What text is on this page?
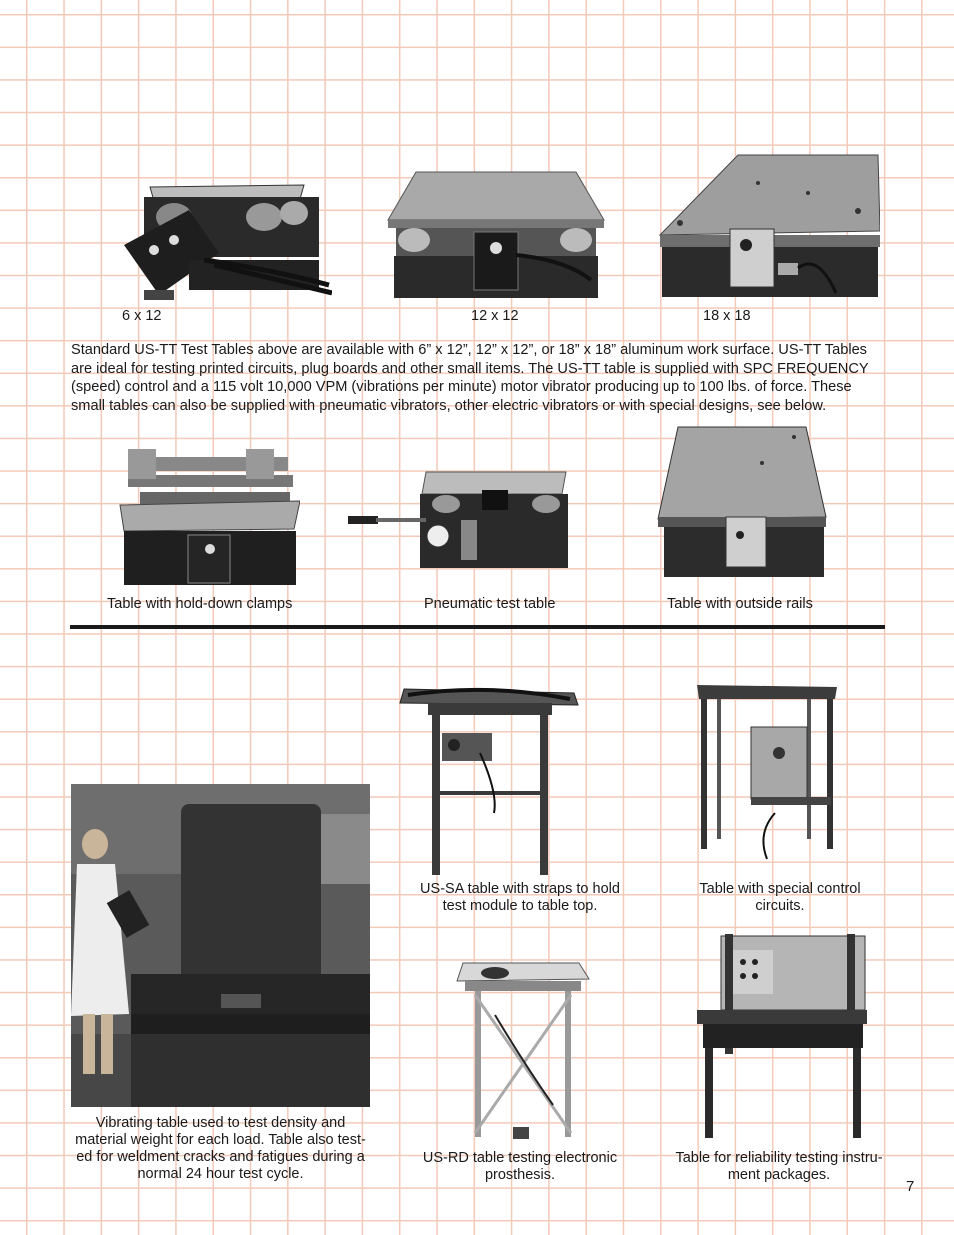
6 x 12	12 x 12	18 x 18
Standard US-TT Test Tables above are available with 6” x 12”, 12” x 12”, or 18” x 18” aluminum work surface. US-TT Tables are ideal for testing printed circuits, plug boards and other small items. The US-TT table is supplied with SPC FREQUENCY (speed) control and a 115 volt 10,000 VPM (vibrations per minute) motor vibrator producing up to 100 lbs. of force. These small tables can also be supplied with pneumatic vibrators, other electric vibrators or with special designs, see below.
Table with hold-down clamps	Pneumatic test table	Table with outside rails
Vibrating table used to test density and material weight for each load. Table also test-ed for weldment cracks and fatigues during a normal 24 hour test cycle.
US-SA table with straps to hold test module to table top.
Table with special control circuits.
US-RD table testing electronic prosthesis.
Table for reliability testing instru-ment packages.
7
